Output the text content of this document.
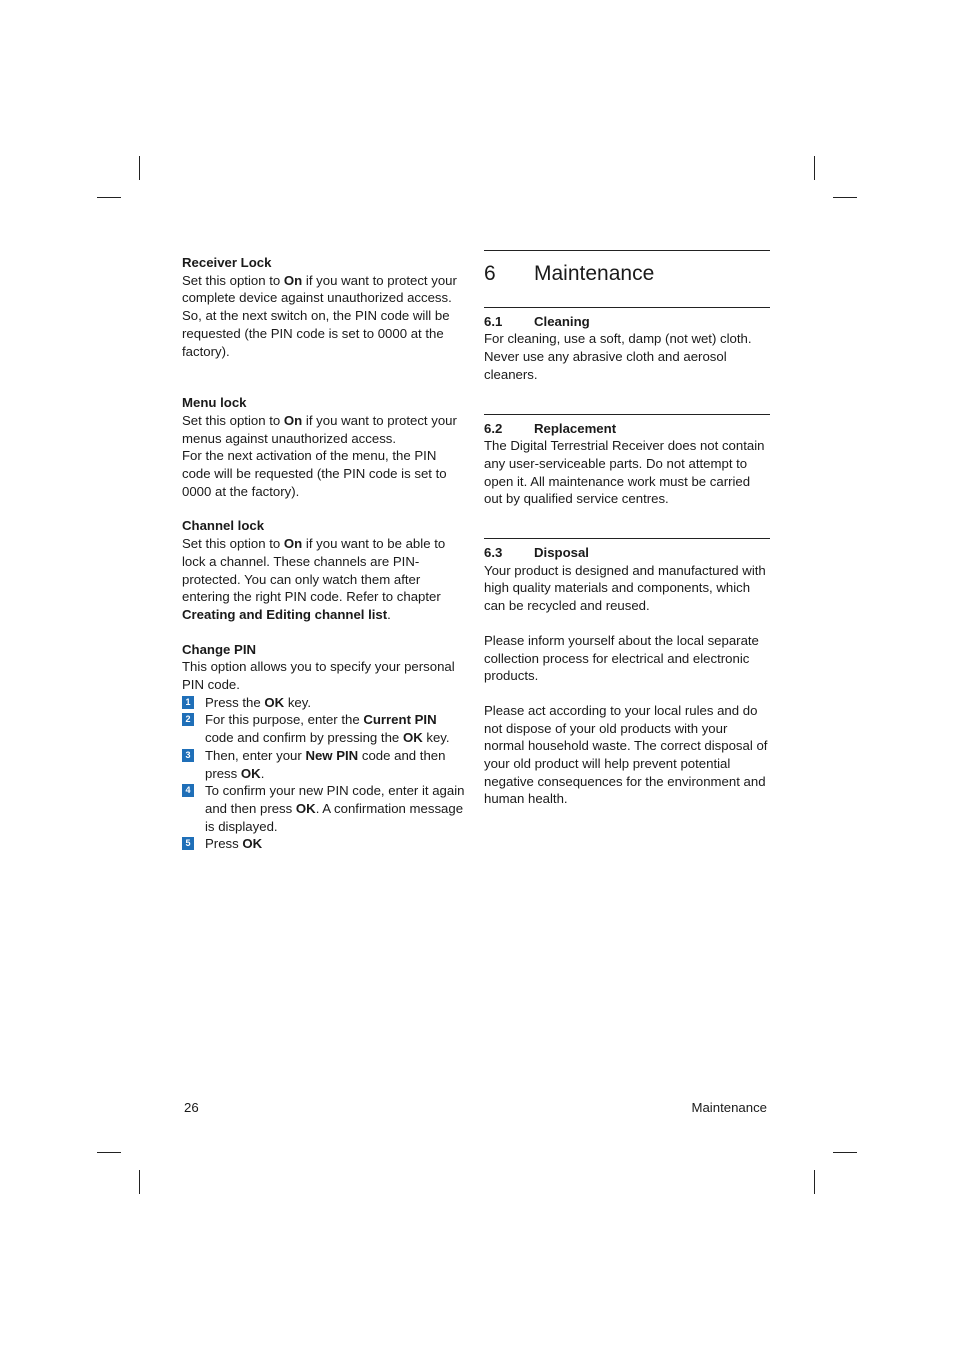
Receiver Lock

Set this option to On if you want to protect your complete device against unauthorized access.

So, at the next switch on, the PIN code will be requested (the PIN code is set to 0000 at the factory).

Menu lock

Set this option to On if you want to protect your menus against unauthorized access.

For the next activation of the menu, the PIN code will be requested (the PIN code is set to 0000 at the factory).

Channel lock

Set this option to On if you want to be able to lock a channel. These channels are PIN-protected. You can only watch them after entering the right PIN code. Refer to chapter Creating and Editing channel list.

Change PIN

This option allows you to specify your personal PIN code.

1 Press the OK key.
2 For this purpose, enter the Current PIN code and confirm by pressing the OK key.
3 Then, enter your New PIN code and then press OK.
4 To confirm your new PIN code, enter it again and then press OK. A confirmation message is displayed.
5 Press OK
6	Maintenance

6.1	Cleaning

For cleaning, use a soft, damp (not wet) cloth. Never use any abrasive cloth and aerosol cleaners.

6.2	Replacement

The Digital Terrestrial Receiver does not contain any user-serviceable parts. Do not attempt to open it. All maintenance work must be carried out by qualified service centres.

6.3	Disposal

Your product is designed and manufactured with high quality materials and components, which can be recycled and reused.

Please inform yourself about the local separate collection process for electrical and electronic products.

Please act according to your local rules and do not dispose of your old products with your normal household waste. The correct disposal of your old product will help prevent potential negative consequences for the environment and human health.

26	Maintenance
